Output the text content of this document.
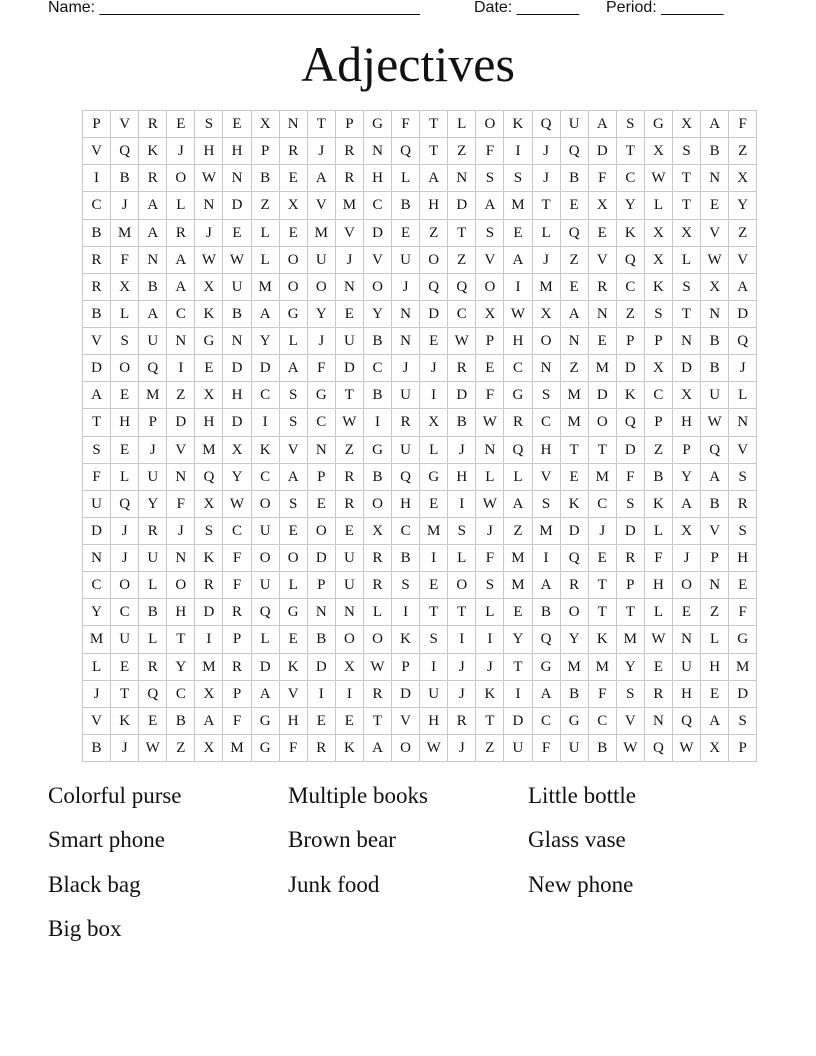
Name: ____________________________________	Date: _______ Period: _______
Adjectives
P	V	R	E	S	E	X	N	T	P	G	F	T	L	O	K	Q	U	A	S	G	X	A	F
V	Q	K	J	H	H	P	R	J	R	N	Q	T	Z	F	I	J	Q	D	T	X	S	B	Z
I	B	R	O	W	N	B	E	A	R	H	L	A	N	S	S	J	B	F	C	W	T	N	X
C	J	A	L	N	D	Z	X	V	M	C	B	H	D	A	M	T	E	X	Y	L	T	E	Y
B	M	A	R	J	E	L	E	M	V	D	E	Z	T	S	E	L	Q	E	K	X	X	V	Z
R	F	N	A	W	W	L	O	U	J	V	U	O	Z	V	A	J	Z	V	Q	X	L	W	V
R	X	B	A	X	U	M	O	O	N	O	J	Q	Q	O	I	M	E	R	C	K	S	X	A
B	L	A	C	K	B	A	G	Y	E	Y	N	D	C	X	W	X	A	N	Z	S	T	N	D
V	S	U	N	G	N	Y	L	J	U	B	N	E	W	P	H	O	N	E	P	P	N	B	Q
D	O	Q	I	E	D	D	A	F	D	C	J	J	R	E	C	N	Z	M	D	X	D	B	J
A	E	M	Z	X	H	C	S	G	T	B	U	I	D	F	G	S	M	D	K	C	X	U	L
T	H	P	D	H	D	I	S	C	W	I	R	X	B	W	R	C	M	O	Q	P	H	W	N
S	E	J	V	M	X	K	V	N	Z	G	U	L	J	N	Q	H	T	T	D	Z	P	Q	V
F	L	U	N	Q	Y	C	A	P	R	B	Q	G	H	L	L	V	E	M	F	B	Y	A	S
U	Q	Y	F	X	W	O	S	E	R	O	H	E	I	W	A	S	K	C	S	K	A	B	R
D	J	R	J	S	C	U	E	O	E	X	C	M	S	J	Z	M	D	J	D	L	X	V	S
N	J	U	N	K	F	O	O	D	U	R	B	I	L	F	M	I	Q	E	R	F	J	P	H
C	O	L	O	R	F	U	L	P	U	R	S	E	O	S	M	A	R	T	P	H	O	N	E
Y	C	B	H	D	R	Q	G	N	N	L	I	T	T	L	E	B	O	T	T	L	E	Z	F
M	U	L	T	I	P	L	E	B	O	O	K	S	I	I	Y	Q	Y	K	M	W	N	L	G
L	E	R	Y	M	R	D	K	D	X	W	P	I	J	J	T	G	M	M	Y	E	U	H	M
J	T	Q	C	X	P	A	V	I	I	R	D	U	J	K	I	A	B	F	S	R	H	E	D
V	K	E	B	A	F	G	H	E	E	T	V	H	R	T	D	C	G	C	V	N	Q	A	S
B	J	W	Z	X	M	G	F	R	K	A	O	W	J	Z	U	F	U	B	W	Q	W	X	P
Colorful purse	Multiple books	Little bottle
Smart phone	Brown bear	Glass vase
Black bag	Junk food	New phone
Big box
